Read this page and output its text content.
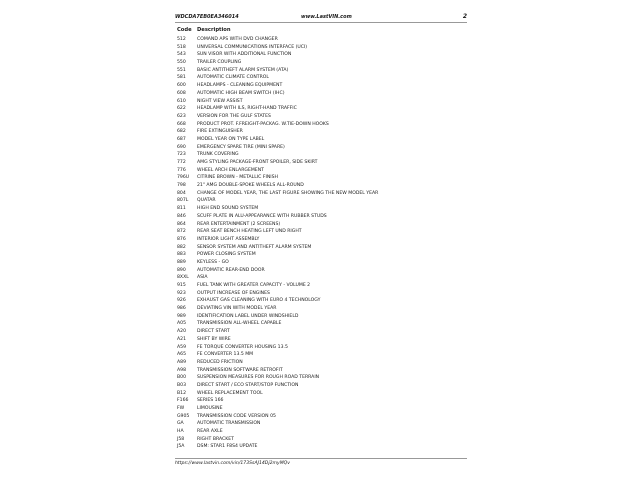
WDCDA7EB0EA346014	www.LastVIN.com	2
Code Description
512	COMAND APS WITH DVD CHANGER
518	UNIVERSAL COMMUNICATIONS INTERFACE (UCI)
543	SUN VISOR WITH ADDITIONAL FUNCTION
550	TRAILER COUPLING
551	BASIC ANTITHEFT ALARM SYSTEM (ATA)
581	AUTOMATIC CLIMATE CONTROL
600	HEADLAMPS - CLEANING EQUIPMENT
608	AUTOMATIC HIGH BEAM SWITCH (IHC)
610	NIGHT VIEW ASSIST
622	HEADLAMP WITH ILS, RIGHT-HAND TRAFFIC
623	VERSION FOR THE GULF STATES
668	PRODUCT PROT. F.FREIGHT-PACKAG. W.TIE-DOWN HOOKS
682	FIRE EXTINGUISHER
687	MODEL YEAR ON TYPE LABEL
690	EMERGENCY SPARE TIRE (MINI SPARE)
723	TRUNK COVERING
772	AMG STYLING PACKAGE-FRONT SPOILER, SIDE SKIRT
776	WHEEL ARCH ENLARGEMENT
796U	CITRINE BROWN - METALLIC FINISH
798	21" AMG DOUBLE-SPOKE WHEELS ALL-ROUND
804	CHANGE OF MODEL YEAR, THE LAST FIGURE SHOWING THE NEW MODEL YEAR
807L	QUATAR
811	HIGH END SOUND SYSTEM
846	SCUFF PLATE IN ALU-APPEARANCE WITH RUBBER STUDS
864	REAR ENTERTAINMENT (2 SCREENS)
872	REAR SEAT BENCH HEATING LEFT UND RIGHT
876	INTERIOR LIGHT ASSEMBLY
882	SENSOR SYSTEM AND ANTITHEFT ALARM SYSTEM
883	POWER CLOSING SYSTEM
889	KEYLESS - GO
890	AUTOMATIC REAR-END DOOR
8XXL	ASIA
915	FUEL TANK WITH GREATER CAPACITY - VOLUME 2
923	OUTPUT INCREASE OF ENGINES
926	EXHAUST GAS CLEANING WITH EURO 4 TECHNOLOGY
986	DEVIATING VIN WITH MODEL YEAR
989	IDENTIFICATION LABEL UNDER WINDSHIELD
A05	TRANSMISSION ALL-WHEEL CAPABLE
A20	DIRECT START
A21	SHIFT BY WIRE
A59	FE TORQUE CONVERTER HOUSING 13.5
A65	FE CONVERTER 13.5 MM
A89	REDUCED FRICTION
A98	TRANSMISSION SOFTWARE RETROFIT
B00	SUSPENSION MEASURES FOR ROUGH ROAD TERRAIN
B03	DIRECT START / ECO START/STOP FUNCTION
B12	WHEEL REPLACEMENT TOOL
F166	SERIES 166
FW	LIMOUSINE
G905	TRANSMISSION CODE VERSION 05
GA	AUTOMATIC TRANSMISSION
HA	REAR AXLE
J58	RIGHT BRACKET
J5A	DSM: STAR1 F8S4 UPDATE
https://www.lastvin.com/vin/173SsAJ14Dj2myMQv
